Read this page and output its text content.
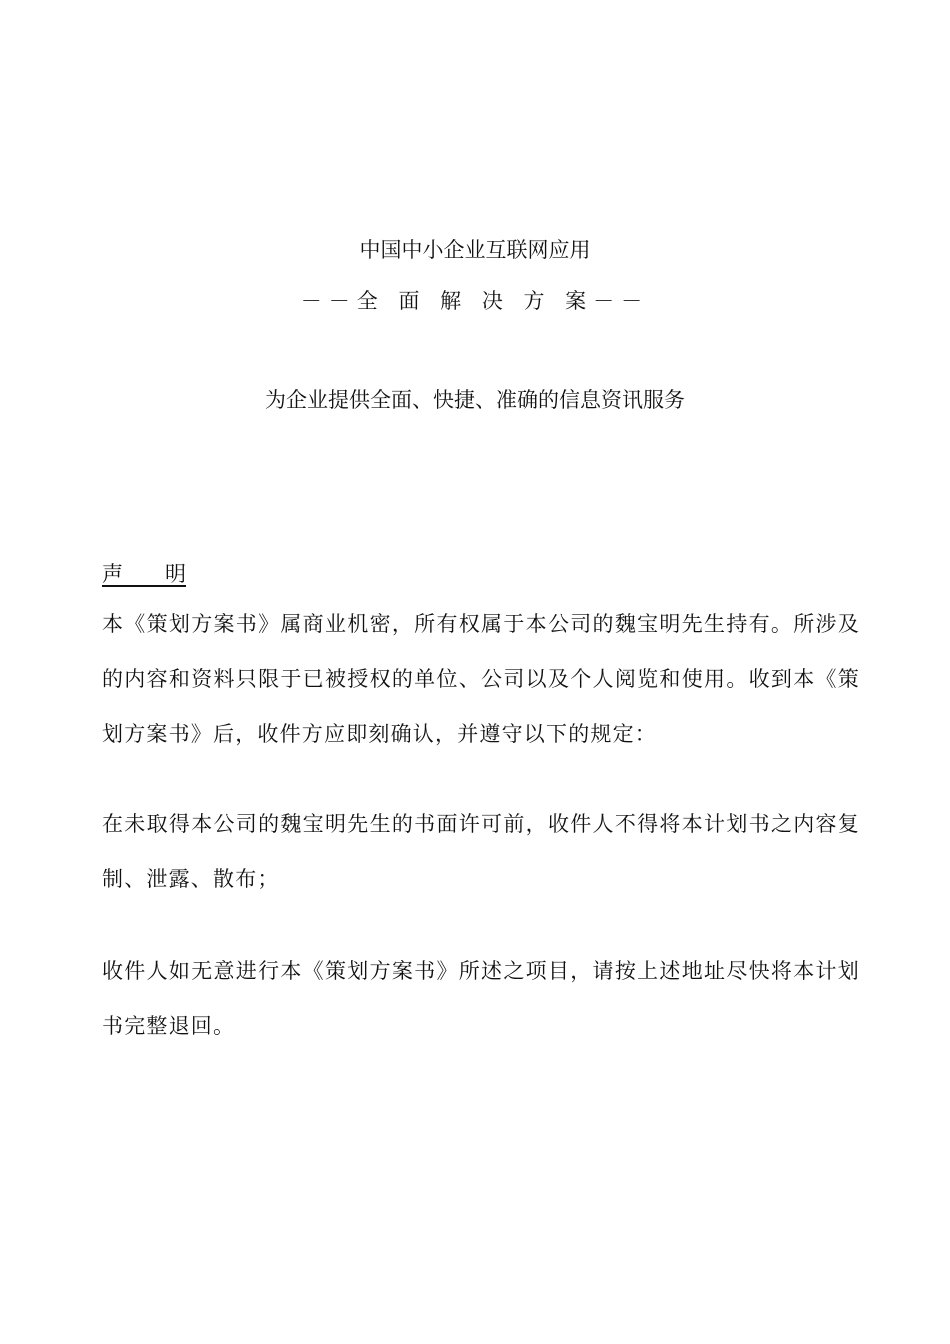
中国中小企业互联网应用
－－全 面 解 决 方 案－－
为企业提供全面、快捷、准确的信息资讯服务
声　　明

本《策划方案书》属商业机密，所有权属于本公司的魏宝明先生持有。所涉及的内容和资料只限于已被授权的单位、公司以及个人阅览和使用。收到本《策划方案书》后，收件方应即刻确认，并遵守以下的规定：

在未取得本公司的魏宝明先生的书面许可前，收件人不得将本计划书之内容复制、泄露、散布；

收件人如无意进行本《策划方案书》所述之项目，请按上述地址尽快将本计划书完整退回。
